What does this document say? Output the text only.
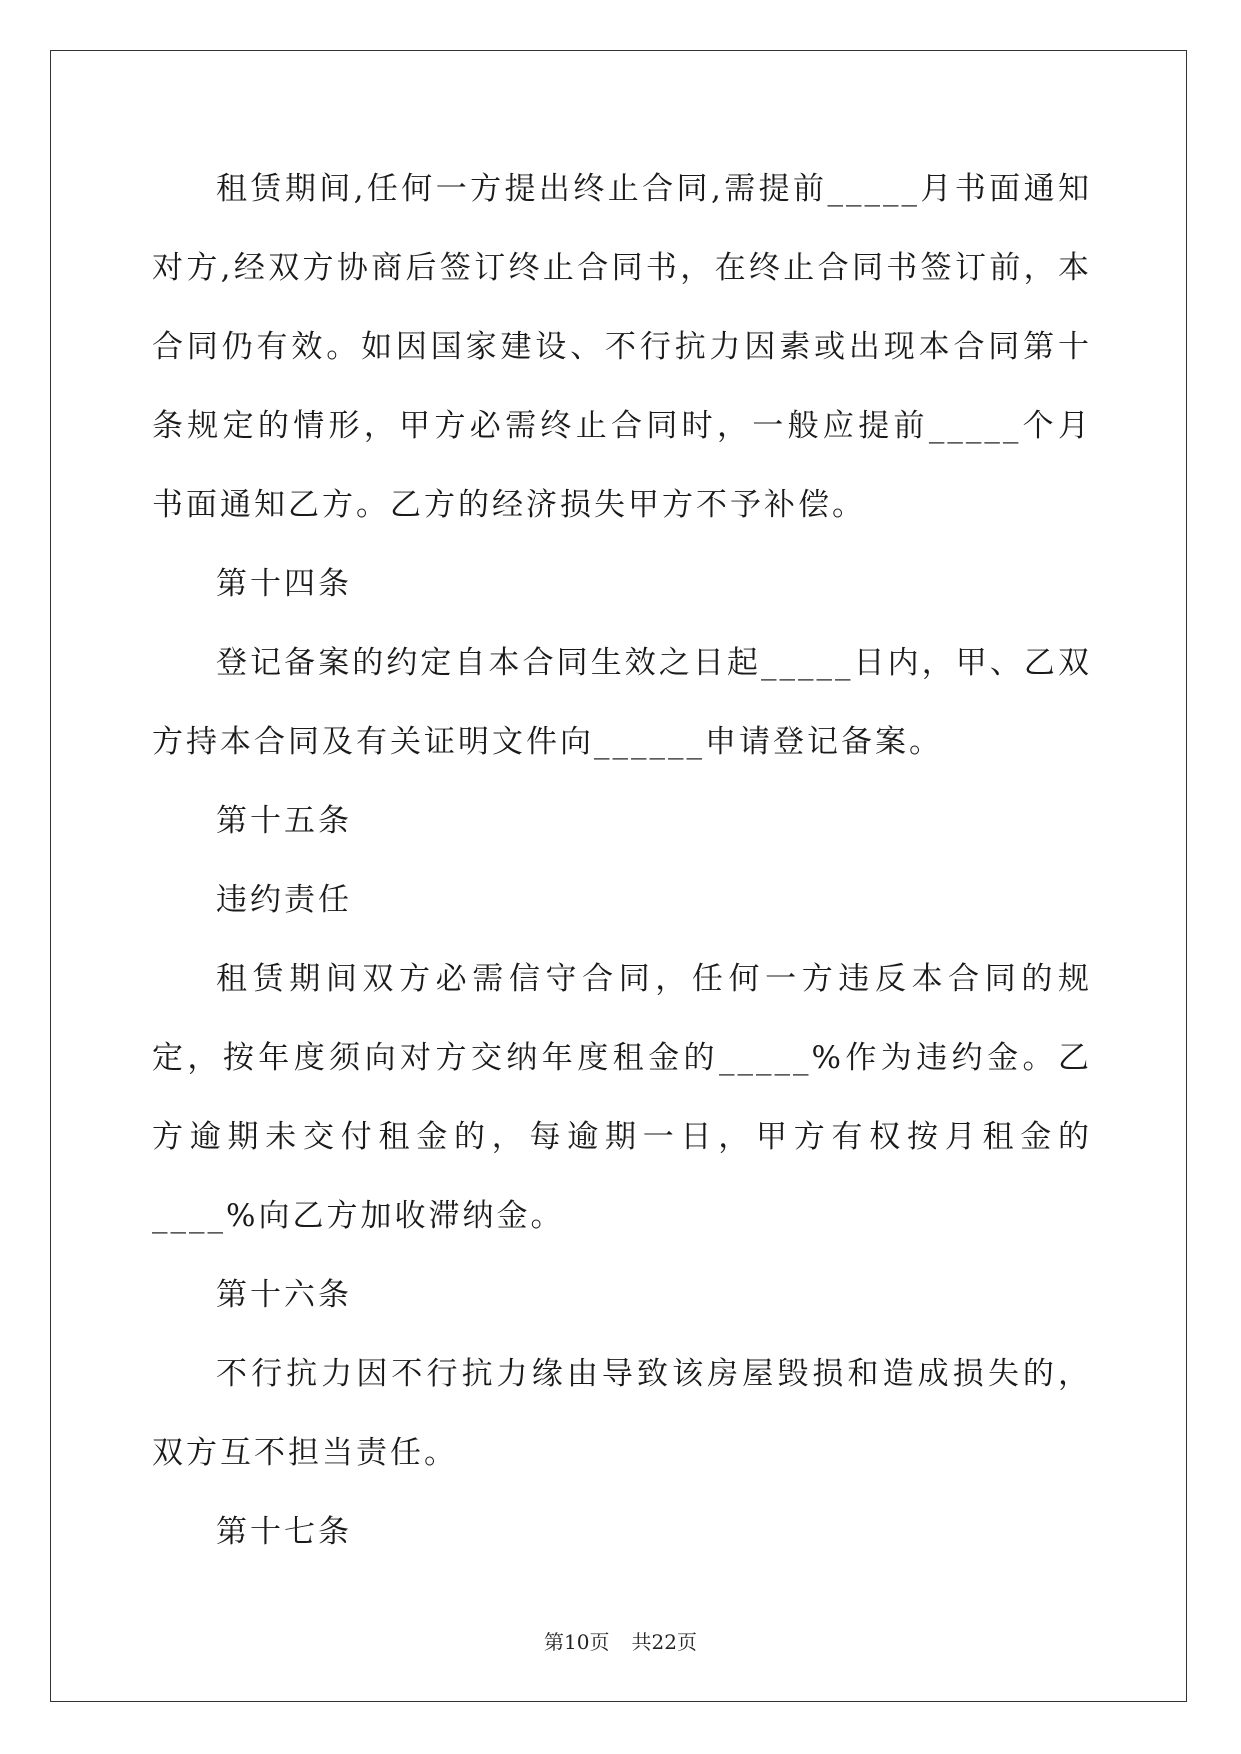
租赁期间,任何一方提出终止合同,需提前_____月书面通知对方,经双方协商后签订终止合同书，在终止合同书签订前，本合同仍有效。如因国家建设、不行抗力因素或出现本合同第十条规定的情形，甲方必需终止合同时，一般应提前_____个月书面通知乙方。乙方的经济损失甲方不予补偿。

第十四条

登记备案的约定自本合同生效之日起_____日内，甲、乙双方持本合同及有关证明文件向______申请登记备案。

第十五条

违约责任

租赁期间双方必需信守合同，任何一方违反本合同的规定，按年度须向对方交纳年度租金的_____%作为违约金。乙方逾期未交付租金的，每逾期一日，甲方有权按月租金的____%向乙方加收滞纳金。

第十六条

不行抗力因不行抗力缘由导致该房屋毁损和造成损失的，双方互不担当责任。

第十七条

第10页 共22页
